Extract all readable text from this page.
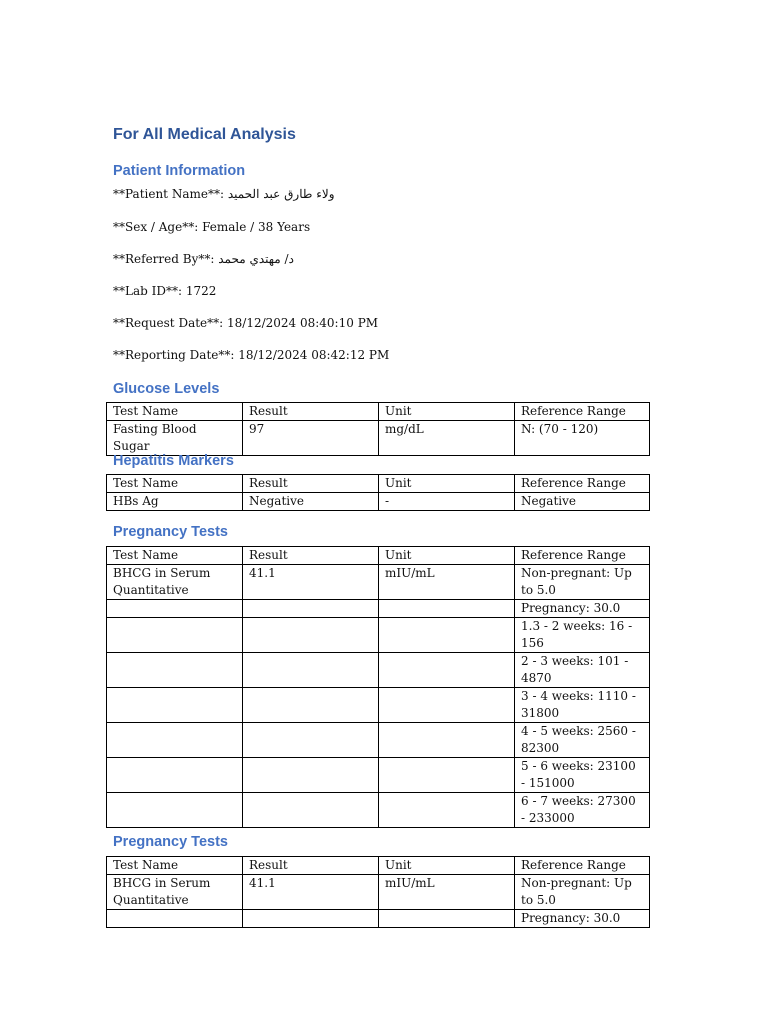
For All Medical Analysis
Patient Information

**Patient Name**: ولاء طارق عبد الحميد

**Sex / Age**: Female / 38 Years

**Referred By**: د/ مهتدي محمد

**Lab ID**: 1722

**Request Date**: 18/12/2024 08:40:10 PM

**Reporting Date**: 18/12/2024 08:42:12 PM

Glucose Levels
Test Name	Result	Unit	Reference Range
Fasting Blood Sugar	97	mg/dL	N: (70 - 120)
Hepatitis Markers
Test Name	Result	Unit	Reference Range
HBs Ag	Negative	-	Negative
Pregnancy Tests
Test Name	Result	Unit	Reference Range
BHCG in Serum Quantitative	41.1	mIU/mL	Non-pregnant: Up to 5.0
			Pregnancy: 30.0
			1.3 - 2 weeks: 16 - 156
			2 - 3 weeks: 101 - 4870
			3 - 4 weeks: 1110 - 31800
			4 - 5 weeks: 2560 - 82300
			5 - 6 weeks: 23100 - 151000
			6 - 7 weeks: 27300 - 233000
Pregnancy Tests
Test Name	Result	Unit	Reference Range
BHCG in Serum Quantitative	41.1	mIU/mL	Non-pregnant: Up to 5.0
			Pregnancy: 30.0
